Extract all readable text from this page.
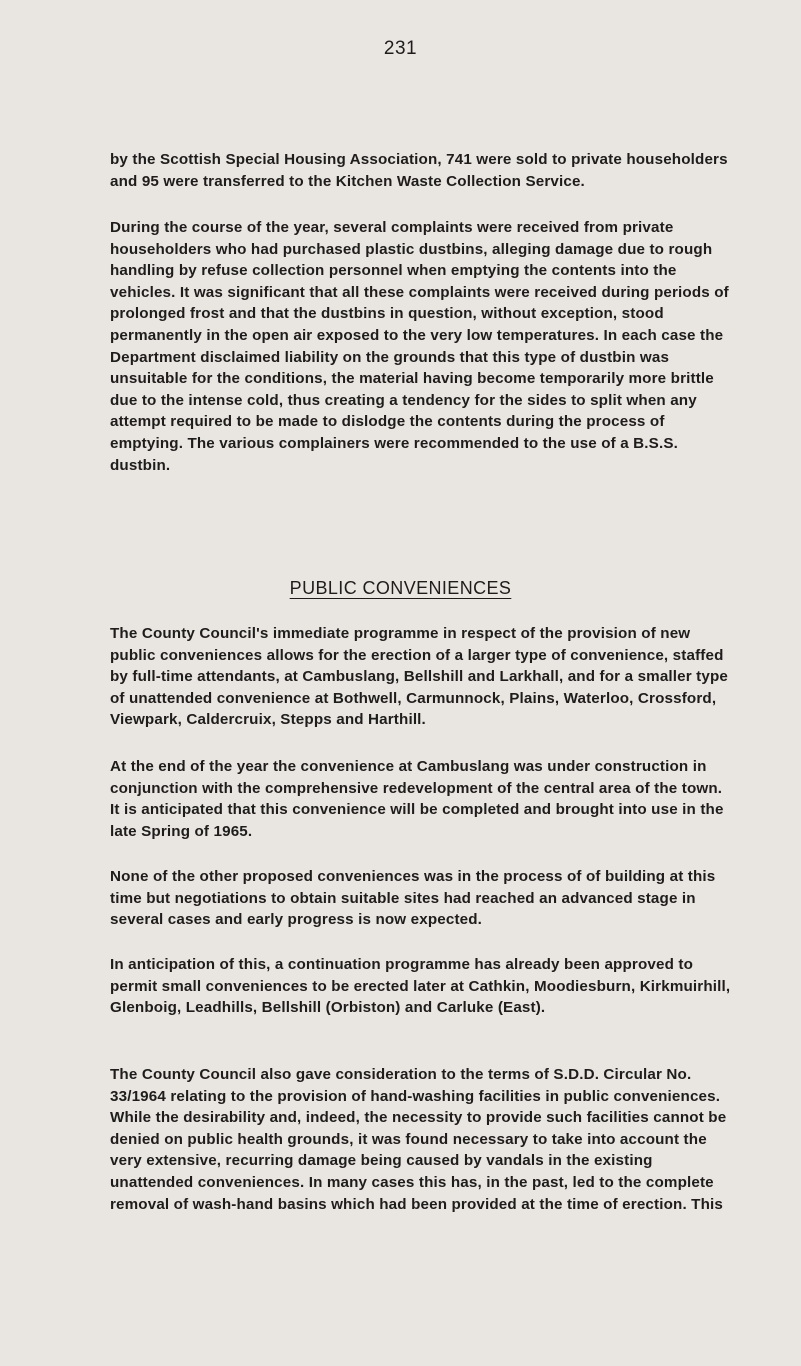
231

by the Scottish Special Housing Association, 741 were sold to private householders and 95 were transferred to the Kitchen Waste Collection Service.

During the course of the year, several complaints were received from private householders who had purchased plastic dustbins, alleging damage due to rough handling by refuse collection personnel when emptying the contents into the vehicles. It was significant that all these complaints were received during periods of prolonged frost and that the dustbins in question, without exception, stood permanently in the open air exposed to the very low temperatures. In each case the Department disclaimed liability on the grounds that this type of dustbin was unsuitable for the conditions, the material having become temporarily more brittle due to the intense cold, thus creating a tendency for the sides to split when any attempt required to be made to dislodge the contents during the process of emptying. The various complainers were recommended to the use of a B.S.S. dustbin.

PUBLIC CONVENIENCES

The County Council's immediate programme in respect of the provision of new public conveniences allows for the erection of a larger type of convenience, staffed by full-time attendants, at Cambuslang, Bellshill and Larkhall, and for a smaller type of unattended convenience at Bothwell, Carmunnock, Plains, Waterloo, Crossford, Viewpark, Caldercruix, Stepps and Harthill.

At the end of the year the convenience at Cambuslang was under construction in conjunction with the comprehensive redevelopment of the central area of the town. It is anticipated that this convenience will be completed and brought into use in the late Spring of 1965.

None of the other proposed conveniences was in the process of of building at this time but negotiations to obtain suitable sites had reached an advanced stage in several cases and early progress is now expected.

In anticipation of this, a continuation programme has already been approved to permit small conveniences to be erected later at Cathkin, Moodiesburn, Kirkmuirhill, Glenboig, Leadhills, Bellshill (Orbiston) and Carluke (East).

The County Council also gave consideration to the terms of S.D.D. Circular No. 33/1964 relating to the provision of hand-washing facilities in public conveniences. While the desirability and, indeed, the necessity to provide such facilities cannot be denied on public health grounds, it was found necessary to take into account the very extensive, recurring damage being caused by vandals in the existing unattended conveniences. In many cases this has, in the past, led to the complete removal of wash-hand basins which had been provided at the time of erection. This
